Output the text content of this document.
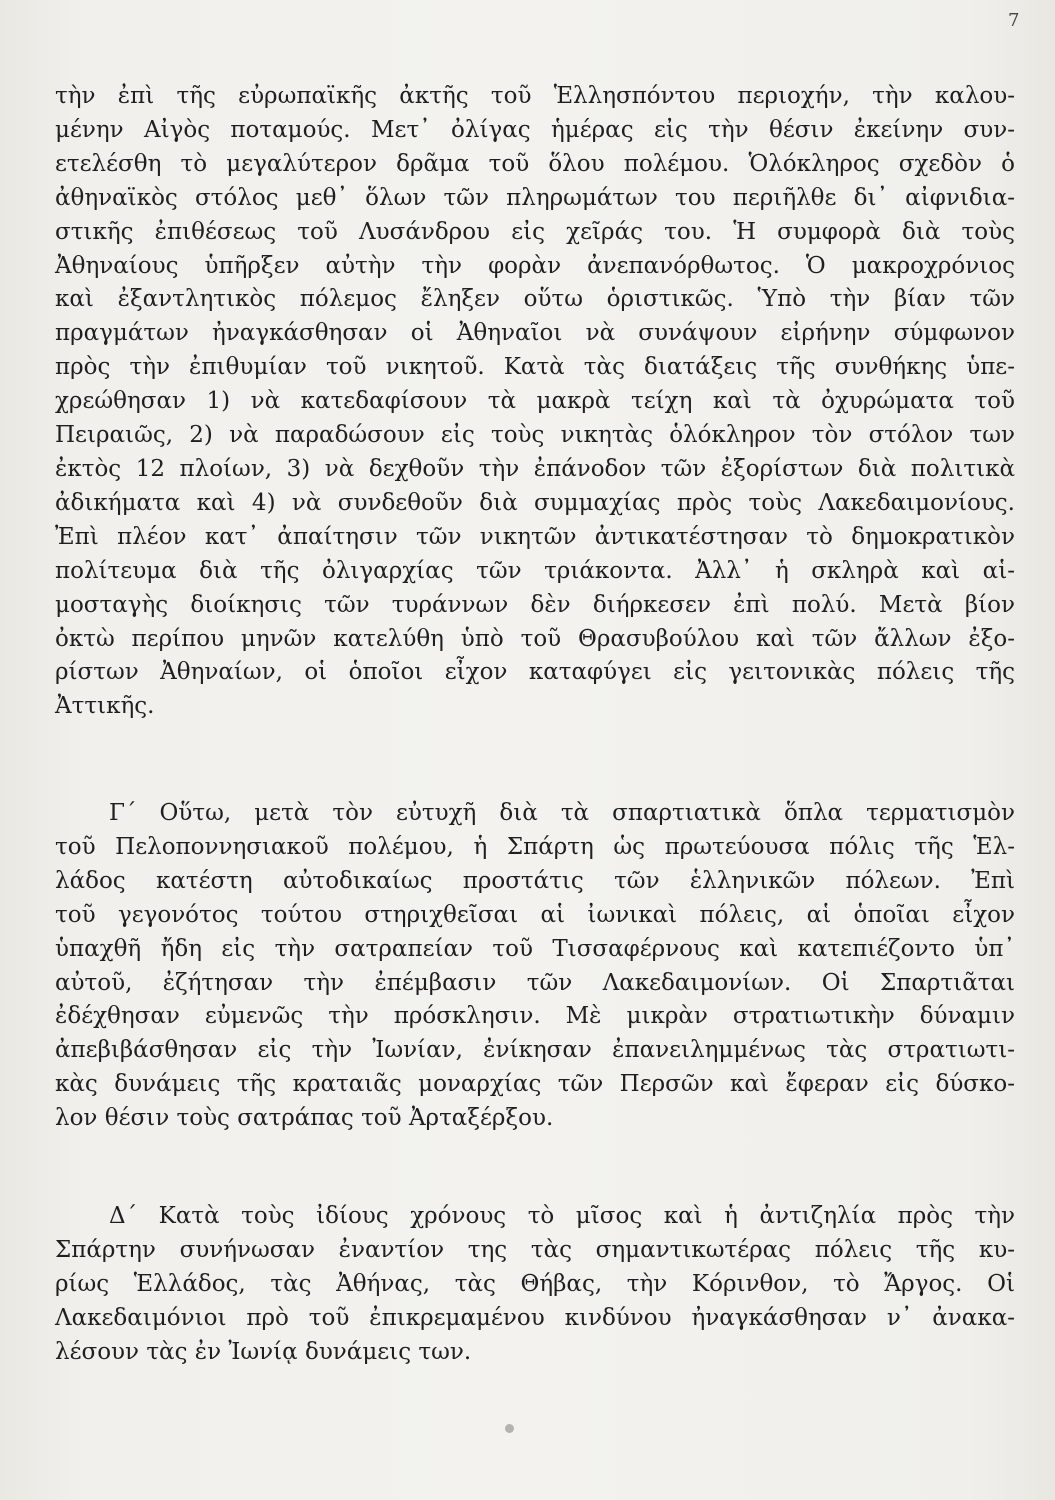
7
τὴν ἐπὶ τῆς εὐρωπαϊκῆς ἀκτῆς τοῦ Ἑλλησπόντου περιοχήν, τὴν καλου-
μένην Αἰγὸς ποταμούς. Μετ᾽ ὀλίγας ἡμέρας εἰς τὴν θέσιν ἐκείνην συν-
ετελέσθη τὸ μεγαλύτερον δρᾶμα τοῦ ὅλου πολέμου. Ὁλόκληρος σχεδὸν ὁ
ἀθηναϊκὸς στόλος μεθ᾽ ὅλων τῶν πληρωμάτων του περιῆλθε δι᾽ αἰφνιδια-
στικῆς ἐπιθέσεως τοῦ Λυσάνδρου εἰς χεῖράς του. Ἡ συμφορὰ διὰ τοὺς
Ἀθηναίους ὑπῆρξεν αὐτὴν τὴν φορὰν ἀνεπανόρθωτος. Ὁ μακροχρόνιος
καὶ ἐξαντλητικὸς πόλεμος ἔληξεν οὕτω ὁριστικῶς. Ὑπὸ τὴν βίαν τῶν
πραγμάτων ἠναγκάσθησαν οἱ Ἀθηναῖοι νὰ συνάψουν εἰρήνην σύμφωνον
πρὸς τὴν ἐπιθυμίαν τοῦ νικητοῦ. Κατὰ τὰς διατάξεις τῆς συνθήκης ὑπε-
χρεώθησαν 1) νὰ κατεδαφίσουν τὰ μακρὰ τείχη καὶ τὰ ὀχυρώματα τοῦ
Πειραιῶς, 2) νὰ παραδώσουν εἰς τοὺς νικητὰς ὁλόκληρον τὸν στόλον των
ἐκτὸς 12 πλοίων, 3) νὰ δεχθοῦν τὴν ἐπάνοδον τῶν ἐξορίστων διὰ πολιτικὰ
ἀδικήματα καὶ 4) νὰ συνδεθοῦν διὰ συμμαχίας πρὸς τοὺς Λακεδαιμονίους.
Ἐπὶ πλέον κατ᾽ ἀπαίτησιν τῶν νικητῶν ἀντικατέστησαν τὸ δημοκρατικὸν
πολίτευμα διὰ τῆς ὀλιγαρχίας τῶν τριάκοντα. Ἀλλ᾽ ἡ σκληρὰ καὶ αἱ-
μοσταγὴς διοίκησις τῶν τυράννων δὲν διήρκεσεν ἐπὶ πολύ. Μετὰ βίον
ὀκτὼ περίπου μηνῶν κατελύθη ὑπὸ τοῦ Θρασυβούλου καὶ τῶν ἄλλων ἐξο-
ρίστων Ἀθηναίων, οἱ ὁποῖοι εἶχον καταφύγει εἰς γειτονικὰς πόλεις τῆς
Ἀττικῆς.
Γ΄ Οὕτω, μετὰ τὸν εὐτυχῆ διὰ τὰ σπαρτιατικὰ ὅπλα τερματισμὸν
τοῦ Πελοποννησιακοῦ πολέμου, ἡ Σπάρτη ὡς πρωτεύουσα πόλις τῆς Ἑλ-
λάδος κατέστη αὐτοδικαίως προστάτις τῶν ἑλληνικῶν πόλεων. Ἐπὶ
τοῦ γεγονότος τούτου στηριχθεῖσαι αἱ ἰωνικαὶ πόλεις, αἱ ὁποῖαι εἶχον
ὑπαχθῆ ἤδη εἰς τὴν σατραπείαν τοῦ Τισσαφέρνους καὶ κατεπιέζοντο ὑπ᾽
αὐτοῦ, ἐζήτησαν τὴν ἐπέμβασιν τῶν Λακεδαιμονίων. Οἱ Σπαρτιᾶται
ἐδέχθησαν εὐμενῶς τὴν πρόσκλησιν. Μὲ μικρὰν στρατιωτικὴν δύναμιν
ἀπεβιβάσθησαν εἰς τὴν Ἰωνίαν, ἐνίκησαν ἐπανειλημμένως τὰς στρατιωτι-
κὰς δυνάμεις τῆς κραταιᾶς μοναρχίας τῶν Περσῶν καὶ ἔφεραν εἰς δύσκο-
λον θέσιν τοὺς σατράπας τοῦ Ἀρταξέρξου.
Δ΄ Κατὰ τοὺς ἰδίους χρόνους τὸ μῖσος καὶ ἡ ἀντιζηλία πρὸς τὴν
Σπάρτην συνήνωσαν ἐναντίον της τὰς σημαντικωτέρας πόλεις τῆς κυ-
ρίως Ἑλλάδος, τὰς Ἀθήνας, τὰς Θήβας, τὴν Κόρινθον, τὸ Ἄργος. Οἱ
Λακεδαιμόνιοι πρὸ τοῦ ἐπικρεμαμένου κινδύνου ἠναγκάσθησαν ν᾽ ἀνακα-
λέσουν τὰς ἐν Ἰωνίᾳ δυνάμεις των.
